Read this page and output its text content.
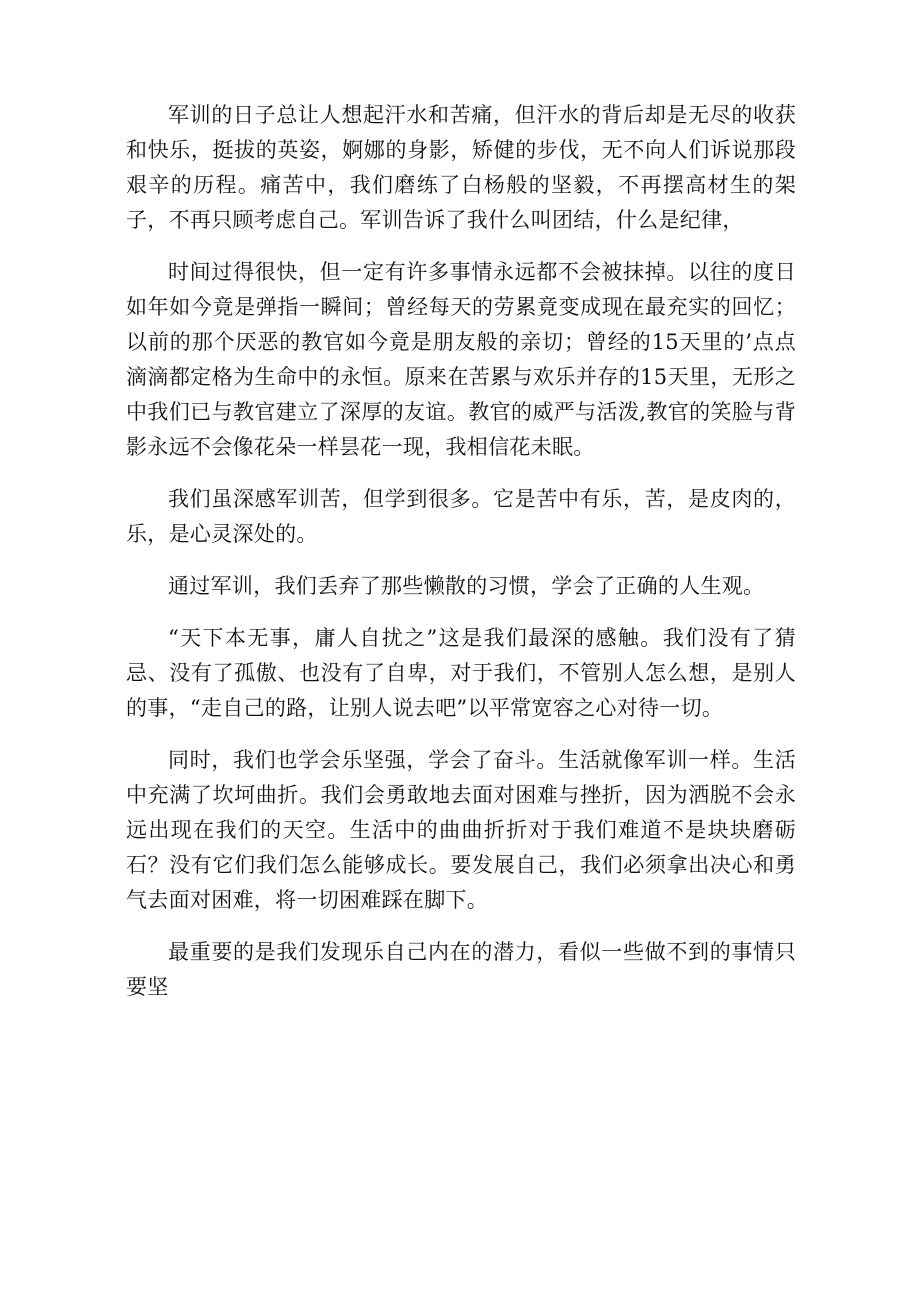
军训的日子总让人想起汗水和苦痛，但汗水的背后却是无尽的收获和快乐，挺拔的英姿，婀娜的身影，矫健的步伐，无不向人们诉说那段艰辛的历程。痛苦中，我们磨练了白杨般的坚毅，不再摆高材生的架子，不再只顾考虑自己。军训告诉了我什么叫团结，什么是纪律，

时间过得很快，但一定有许多事情永远都不会被抹掉。以往的度日如年如今竟是弹指一瞬间；曾经每天的劳累竟变成现在最充实的回忆；以前的那个厌恶的教官如今竟是朋友般的亲切；曾经的15天里的’点点滴滴都定格为生命中的永恒。原来在苦累与欢乐并存的15天里，无形之中我们已与教官建立了深厚的友谊。教官的威严与活泼,教官的笑脸与背影永远不会像花朵一样昙花一现，我相信花未眠。

我们虽深感军训苦，但学到很多。它是苦中有乐，苦，是皮肉的，乐，是心灵深处的。

通过军训，我们丢弃了那些懒散的习惯，学会了正确的人生观。

“天下本无事，庸人自扰之”这是我们最深的感触。我们没有了猜忌、没有了孤傲、也没有了自卑，对于我们，不管别人怎么想，是别人的事，“走自己的路，让别人说去吧”以平常宽容之心对待一切。

同时，我们也学会乐坚强，学会了奋斗。生活就像军训一样。生活中充满了坎坷曲折。我们会勇敢地去面对困难与挫折，因为洒脱不会永远出现在我们的天空。生活中的曲曲折折对于我们难道不是块块磨砺石？没有它们我们怎么能够成长。要发展自己，我们必须拿出决心和勇气去面对困难，将一切困难踩在脚下。

最重要的是我们发现乐自己内在的潜力，看似一些做不到的事情只要坚
